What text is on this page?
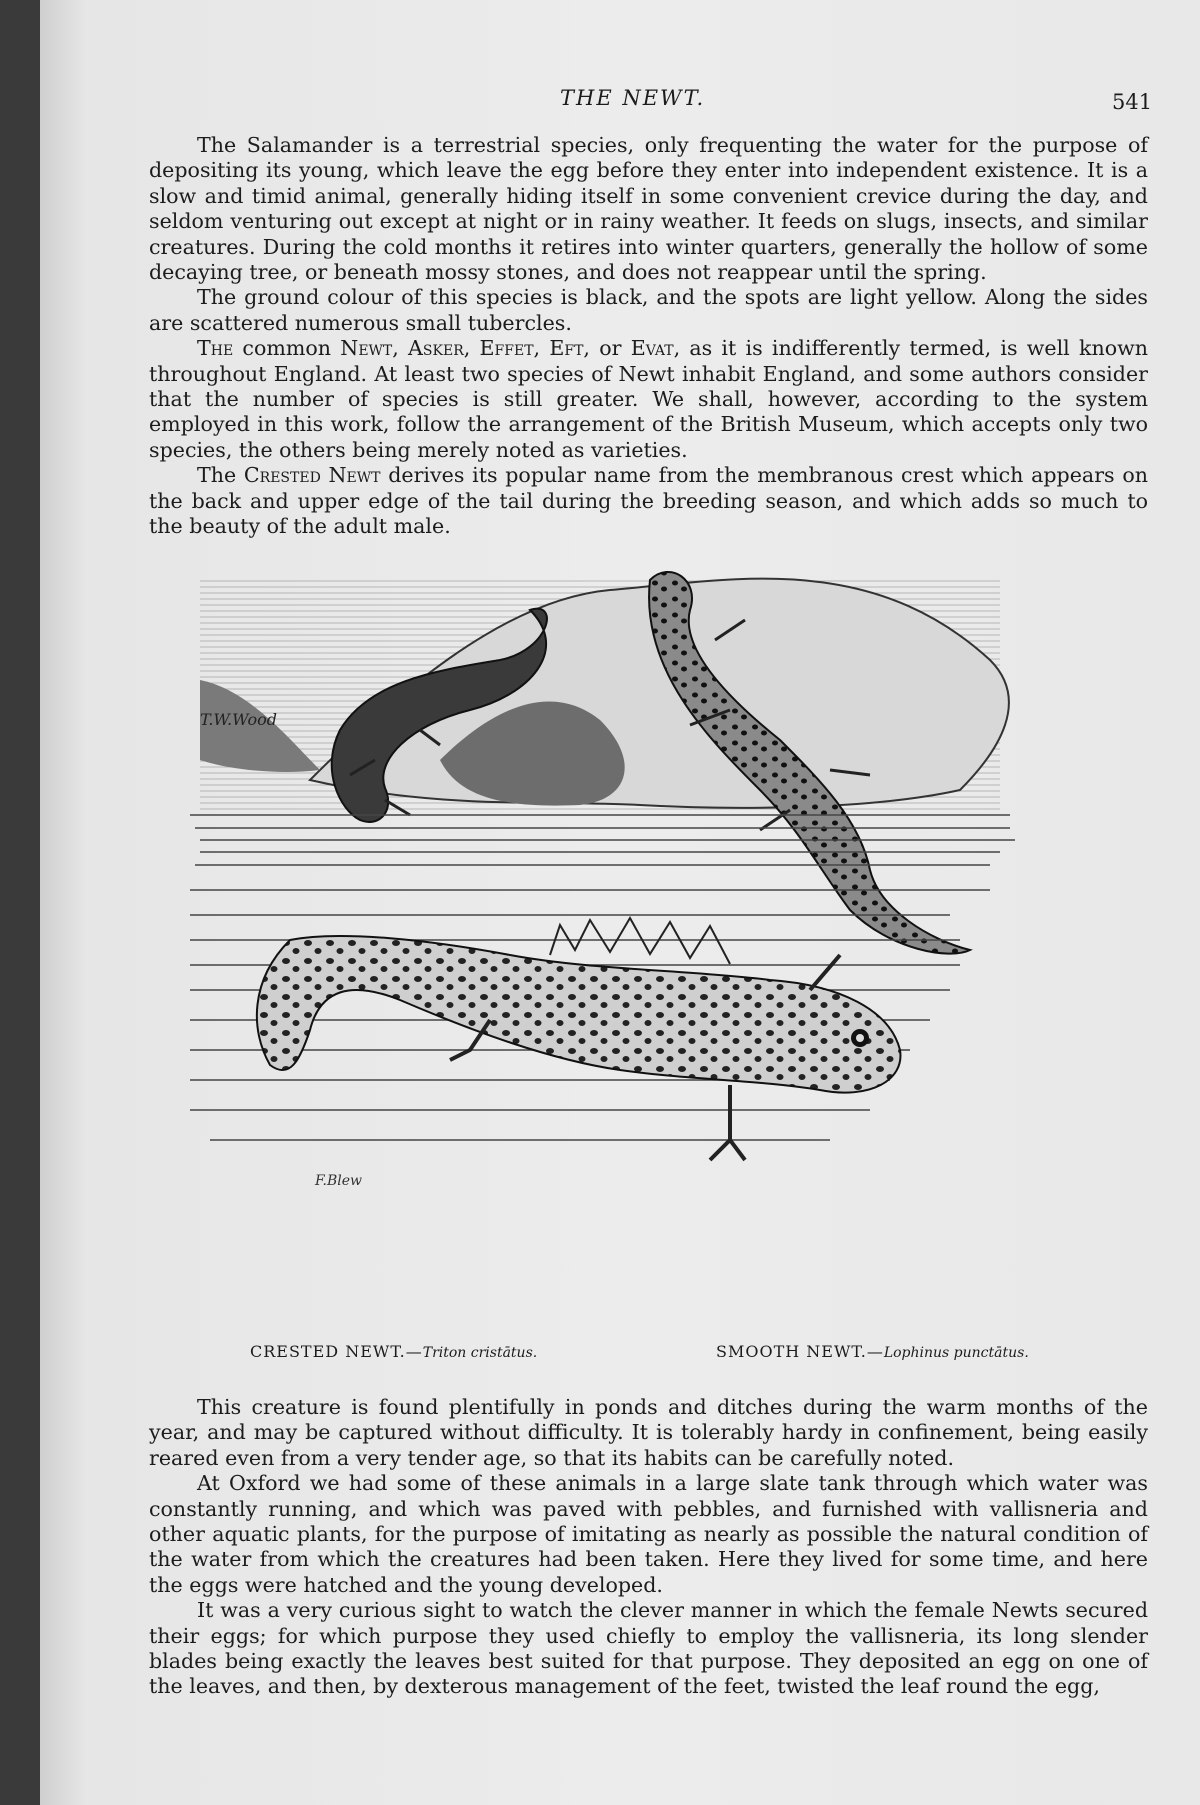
THE NEWT.	541

The Salamander is a terrestrial species, only frequenting the water for the purpose of depositing its young, which leave the egg before they enter into independent existence. It is a slow and timid animal, generally hiding itself in some convenient crevice during the day, and seldom venturing out except at night or in rainy weather. It feeds on slugs, insects, and similar creatures. During the cold months it retires into winter quarters, generally the hollow of some decaying tree, or beneath mossy stones, and does not reappear until the spring.

The ground colour of this species is black, and the spots are light yellow. Along the sides are scattered numerous small tubercles.

The common Newt, Asker, Effet, Eft, or Evat, as it is indifferently termed, is well known throughout England. At least two species of Newt inhabit England, and some authors consider that the number of species is still greater. We shall, however, according to the system employed in this work, follow the arrangement of the British Museum, which accepts only two species, the others being merely noted as varieties.

The Crested Newt derives its popular name from the membranous crest which appears on the back and upper edge of the tail during the breeding season, and which adds so much to the beauty of the adult male.

T.W.Wood
F.Blew
CRESTED NEWT.—Triton cristātus.	SMOOTH NEWT.—Lophinus punctātus.

This creature is found plentifully in ponds and ditches during the warm months of the year, and may be captured without difficulty. It is tolerably hardy in confinement, being easily reared even from a very tender age, so that its habits can be carefully noted.

At Oxford we had some of these animals in a large slate tank through which water was constantly running, and which was paved with pebbles, and furnished with vallisneria and other aquatic plants, for the purpose of imitating as nearly as possible the natural condition of the water from which the creatures had been taken. Here they lived for some time, and here the eggs were hatched and the young developed.

It was a very curious sight to watch the clever manner in which the female Newts secured their eggs; for which purpose they used chiefly to employ the vallisneria, its long slender blades being exactly the leaves best suited for that purpose. They deposited an egg on one of the leaves, and then, by dexterous management of the feet, twisted the leaf round the egg,
